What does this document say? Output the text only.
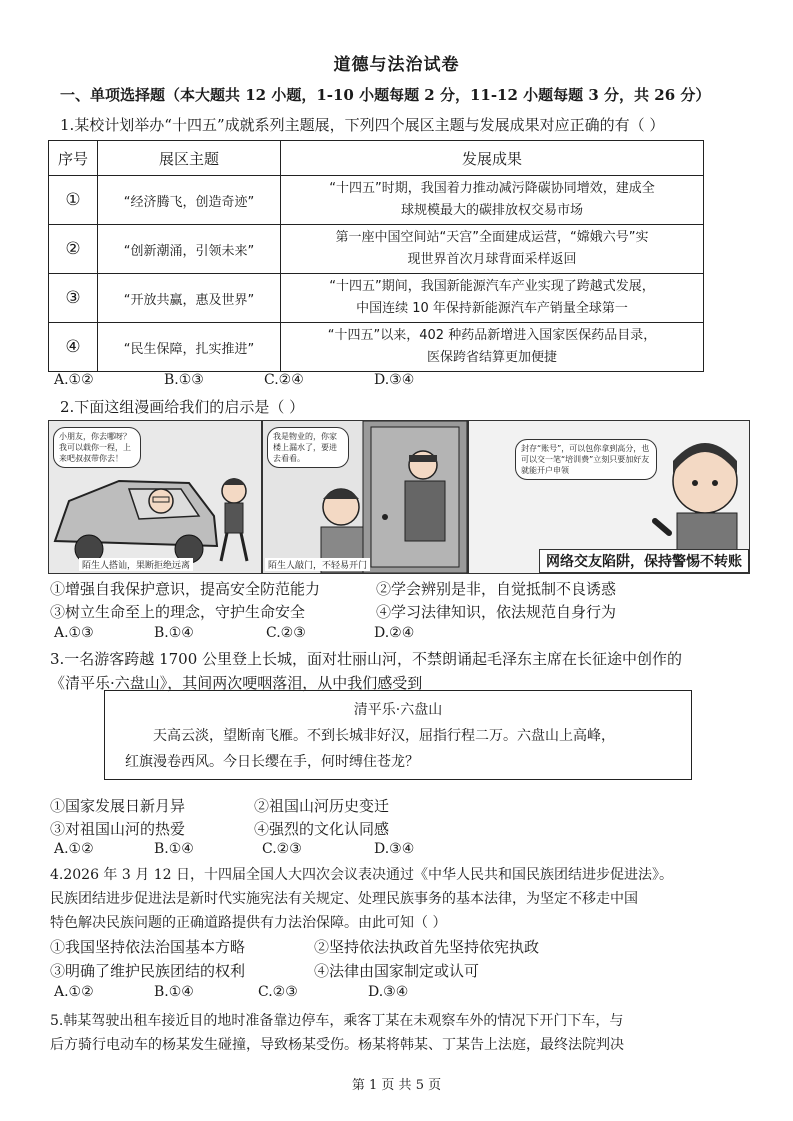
道德与法治试卷
一、单项选择题（本大题共 12 小题，1-10 小题每题 2 分，11-12 小题每题 3 分，共 26 分）
1.某校计划举办“十四五”成就系列主题展，下列四个展区主题与发展成果对应正确的有（ ）
序号	展区主题	发展成果
①	“经济腾飞，创造奇迹”	“十四五”时期，我国着力推动减污降碳协同增效，建成全
球规模最大的碳排放权交易市场
②	“创新潮涌，引领未来”	第一座中国空间站“天宫”全面建成运营，“嫦娥六号”实
现世界首次月球背面采样返回
③	“开放共赢，惠及世界”	“十四五”期间，我国新能源汽车产业实现了跨越式发展，
中国连续 10 年保持新能源汽车产销量全球第一
④	“民生保障，扎实推进”	“十四五”以来，402 种药品新增进入国家医保药品目录，
医保跨省结算更加便捷
A.①②	B.①③	C.②④	D.③④
2.下面这组漫画给我们的启示是（ ）
小朋友，你去哪呀？我可以载你一程，上来吧叔叔带你去！
陌生人搭讪，果断拒绝远离
我是物业的，你家楼上漏水了，要进去看看。
陌生人敲门，不轻易开门
封存“账号”，可以包你拿到高分，也可以交一笔“培训费”立刻只要加好友就能开户申领
网络交友陷阱，保持警惕不转账
①增强自我保护意识，提高安全防范能力	②学会辨别是非，自觉抵制不良诱惑
③树立生命至上的理念，守护生命安全	④学习法律知识，依法规范自身行为
A.①③	B.①④	C.②③	D.②④
3.一名游客跨越 1700 公里登上长城，面对壮丽山河，不禁朗诵起毛泽东主席在长征途中创作的
《清平乐·六盘山》，其间两次哽咽落泪，从中我们感受到
清平乐·六盘山
天高云淡，望断南飞雁。不到长城非好汉，屈指行程二万。六盘山上高峰，
红旗漫卷西风。今日长缨在手，何时缚住苍龙？
①国家发展日新月异	②祖国山河历史变迁
③对祖国山河的热爱	④强烈的文化认同感
A.①②	B.①④	C.②③	D.③④
4.2026 年 3 月 12 日，十四届全国人大四次会议表决通过《中华人民共和国民族团结进步促进法》。
民族团结进步促进法是新时代实施宪法有关规定、处理民族事务的基本法律，为坚定不移走中国
特色解决民族问题的正确道路提供有力法治保障。由此可知（ ）
①我国坚持依法治国基本方略	②坚持依法执政首先坚持依宪执政
③明确了维护民族团结的权利	④法律由国家制定或认可
A.①②	B.①④	C.②③	D.③④
5.韩某驾驶出租车接近目的地时准备靠边停车，乘客丁某在未观察车外的情况下开门下车，与
后方骑行电动车的杨某发生碰撞，导致杨某受伤。杨某将韩某、丁某告上法庭，最终法院判决
第 1 页 共 5 页
